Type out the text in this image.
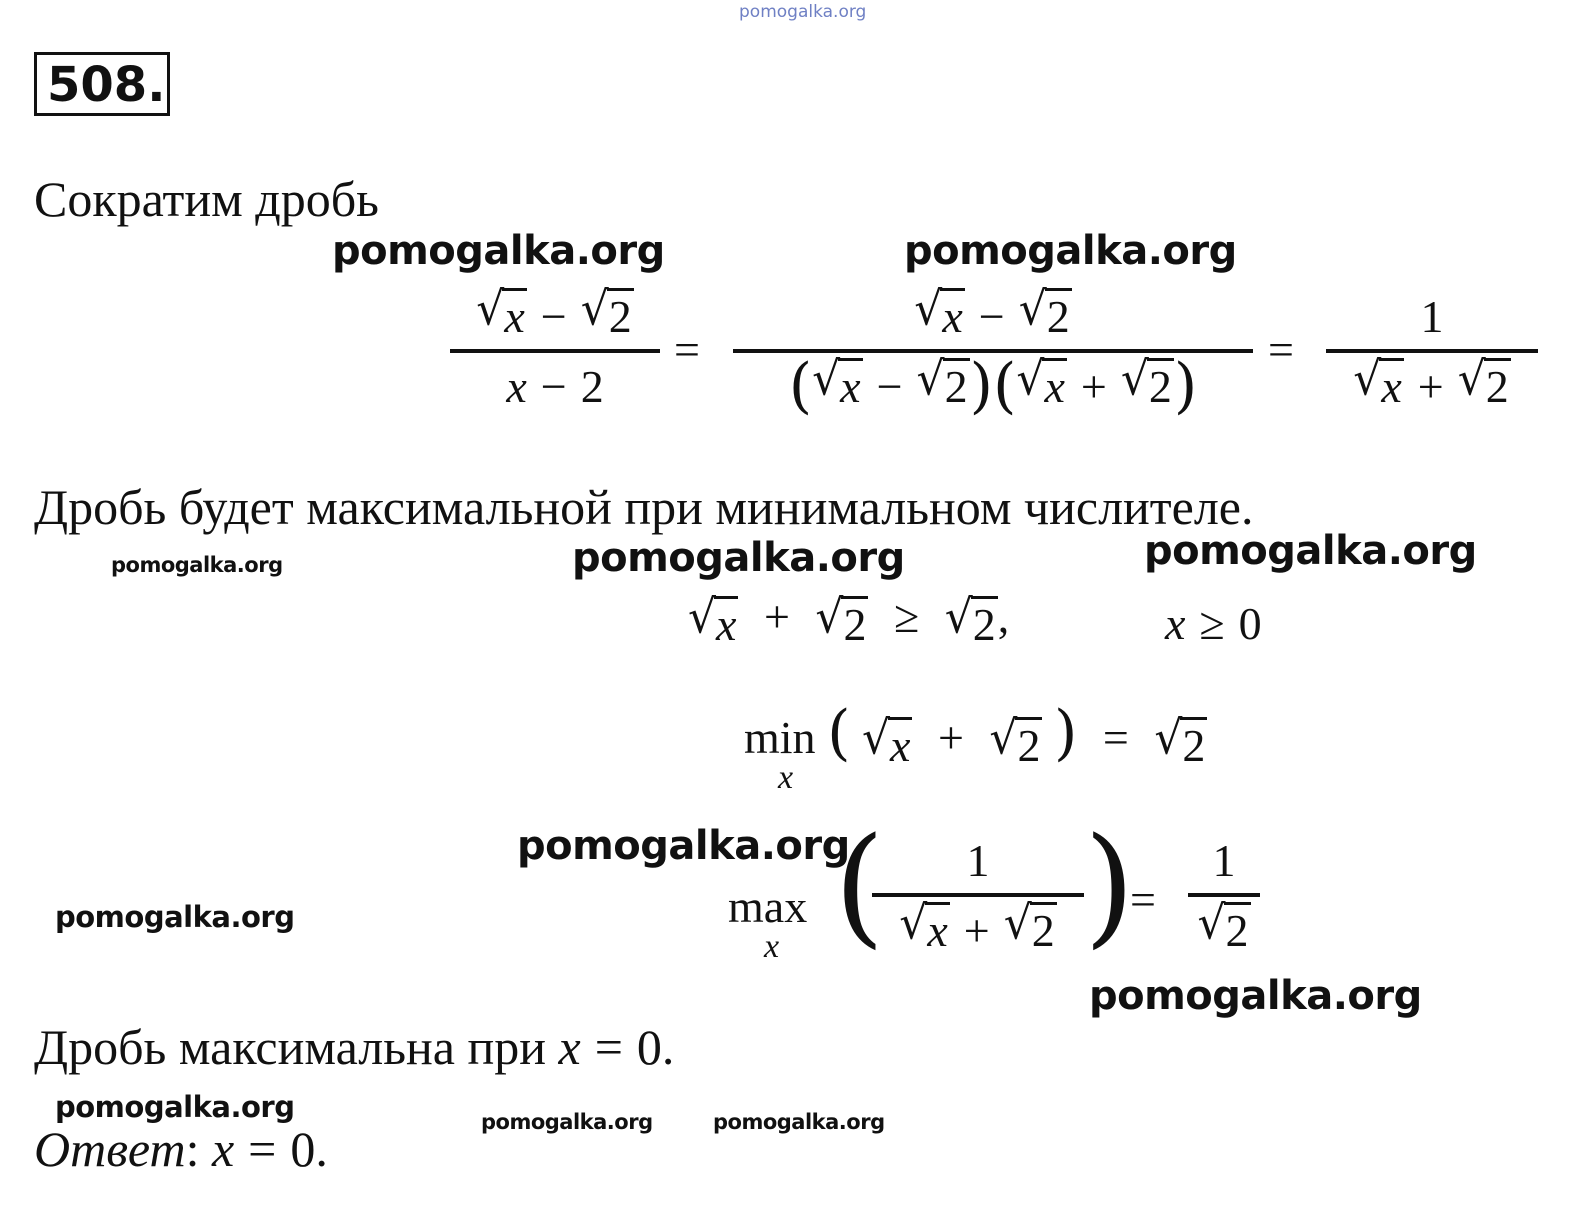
pomogalka.org
508.
Сократим дробь
pomogalka.org	pomogalka.org
√ x − √ 2
x − 2
=
√ x − √ 2
( √ x − √ 2 ) ( √ x + √ 2 )
=
1
√ x + √ 2
Дробь будет максимальной при минимальном числителе.
pomogalka.org	pomogalka.org	pomogalka.org
√ x + √ 2 ≥ √ 2 ,	x ≥ 0
min
x
( √ x + √ 2 ) = √ 2
pomogalka.org
pomogalka.org	max
x ( 1
√ x + √ 2 )
=
1
√ 2
pomogalka.org
Дробь максимальна при x = 0.
pomogalka.org	pomogalka.org	pomogalka.org
Ответ: x = 0.
